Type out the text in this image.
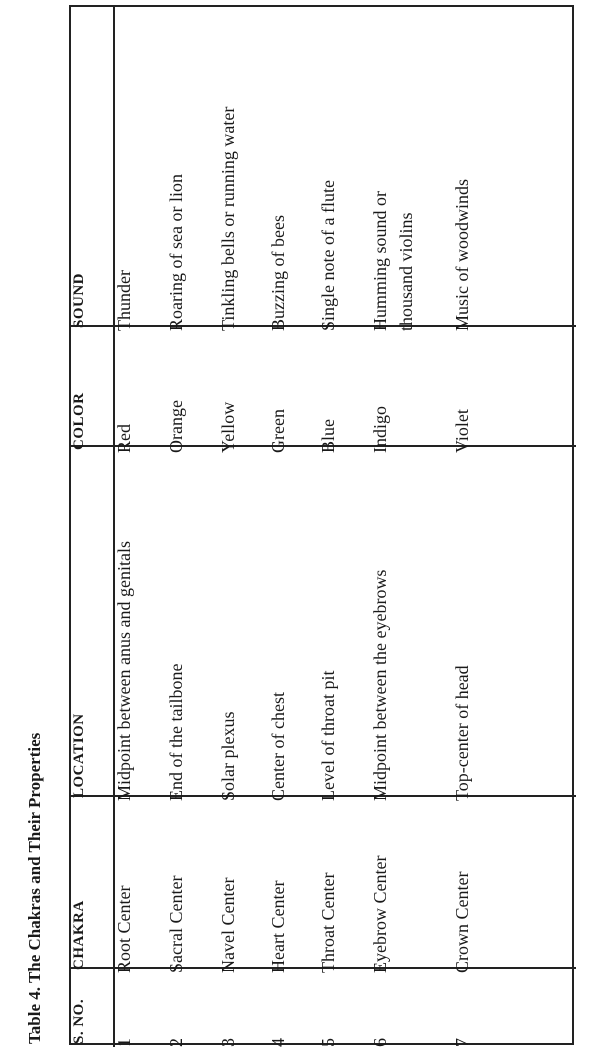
Table 4. The Chakras and Their Properties S. NO.
CHAKRA
LOCATION
COLOR
SOUND
1
Root Center
Midpoint between anus and genitals
Red
Thunder
2
Sacral Center
End of the tailbone
Orange
Roaring of sea or lion
3
Navel Center
Solar plexus
Yellow
Tinkling bells or running water
4
Heart Center
Center of chest
Green
Buzzing of bees
5
Throat Center
Level of throat pit
Blue
Single note of a flute
6
Eyebrow Center
Midpoint between the eyebrows
Indigo
Humming sound or thousand violins
7
Crown Center
Top-center of head
Violet
Music of woodwinds
